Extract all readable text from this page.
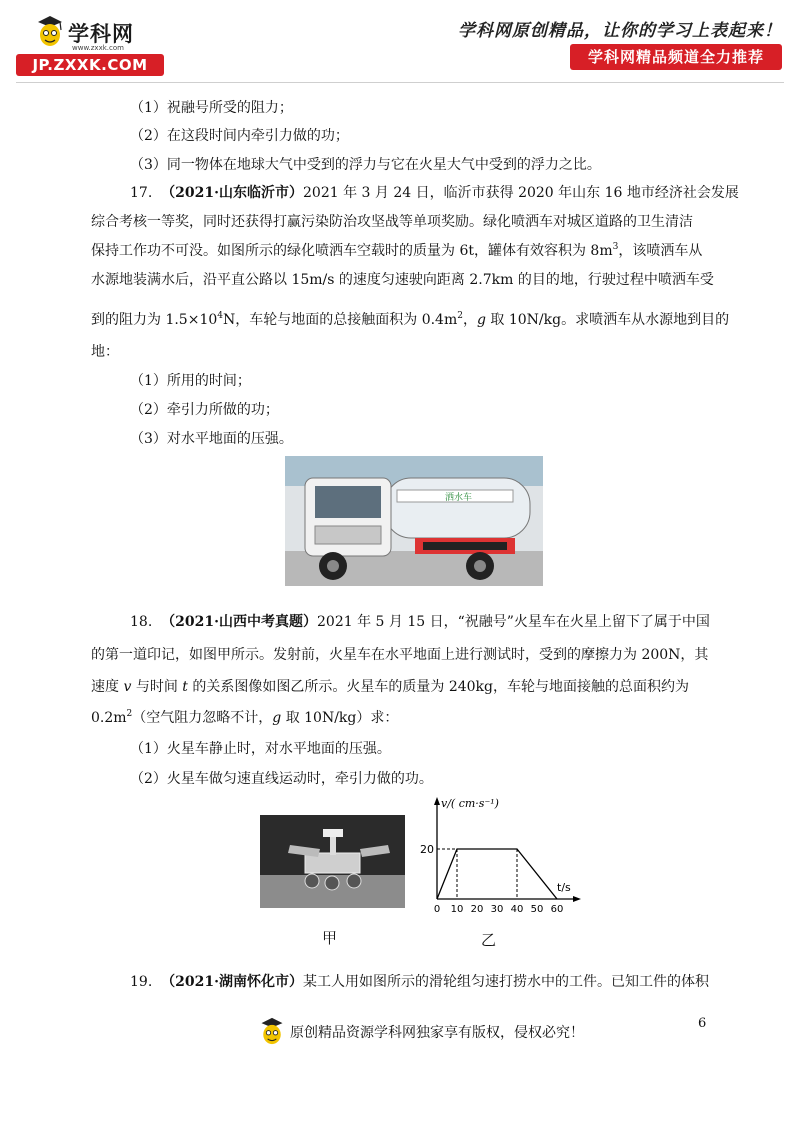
学科网
www.zxxk.com
JP.ZXXK.COM
学科网原创精品，让你的学习上表起来！
学科网精品频道全力推荐
（1）祝融号所受的阻力；
（2）在这段时间内牵引力做的功；
（3）同一物体在地球大气中受到的浮力与它在火星大气中受到的浮力之比。
17. （2021·山东临沂市）2021 年 3 月 24 日，临沂市获得 2020 年山东 16 地市经济社会发展
综合考核一等奖，同时还获得打赢污染防治攻坚战等单项奖励。绿化喷洒车对城区道路的卫生清洁
保持工作功不可没。如图所示的绿化喷洒车空载时的质量为 6t，罐体有效容积为 $8m^3$，该喷洒车从
水源地装满水后，沿平直公路以 15m/s 的速度匀速驶向距离 2.7km 的目的地，行驶过程中喷洒车受
到的阻力为 $1.5\times 10^4N$，车轮与地面的总接触面积为 $0.4m^2$，g 取 10N/kg。求喷洒车从水源地到目的
地：
（1）所用的时间；
（2）牵引力所做的功；
（3）对水平地面的压强。
洒水车
18. （2021·山西中考真题）2021 年 5 月 15 日，“祝融号”火星车在火星上留下了属于中国
的第一道印记，如图甲所示。发射前，火星车在水平地面上进行测试时，受到的摩擦力为 200N，其
速度 v 与时间 t 的关系图像如图乙所示。火星车的质量为 240kg，车轮与地面接触的总面积约为
$0.2m^2$（空气阻力忽略不计，g 取 10N/kg）求：
（1）火星车静止时，对水平地面的压强。
（2）火星车做匀速直线运动时，牵引力做的功。
v/( cm·s⁻¹)
t/s
20
0 10 20 30 40 50 60
甲	乙
19. （2021·湖南怀化市）某工人用如图所示的滑轮组匀速打捞水中的工件。已知工件的体积
原创精品资源学科网独家享有版权，侵权必究！
6
